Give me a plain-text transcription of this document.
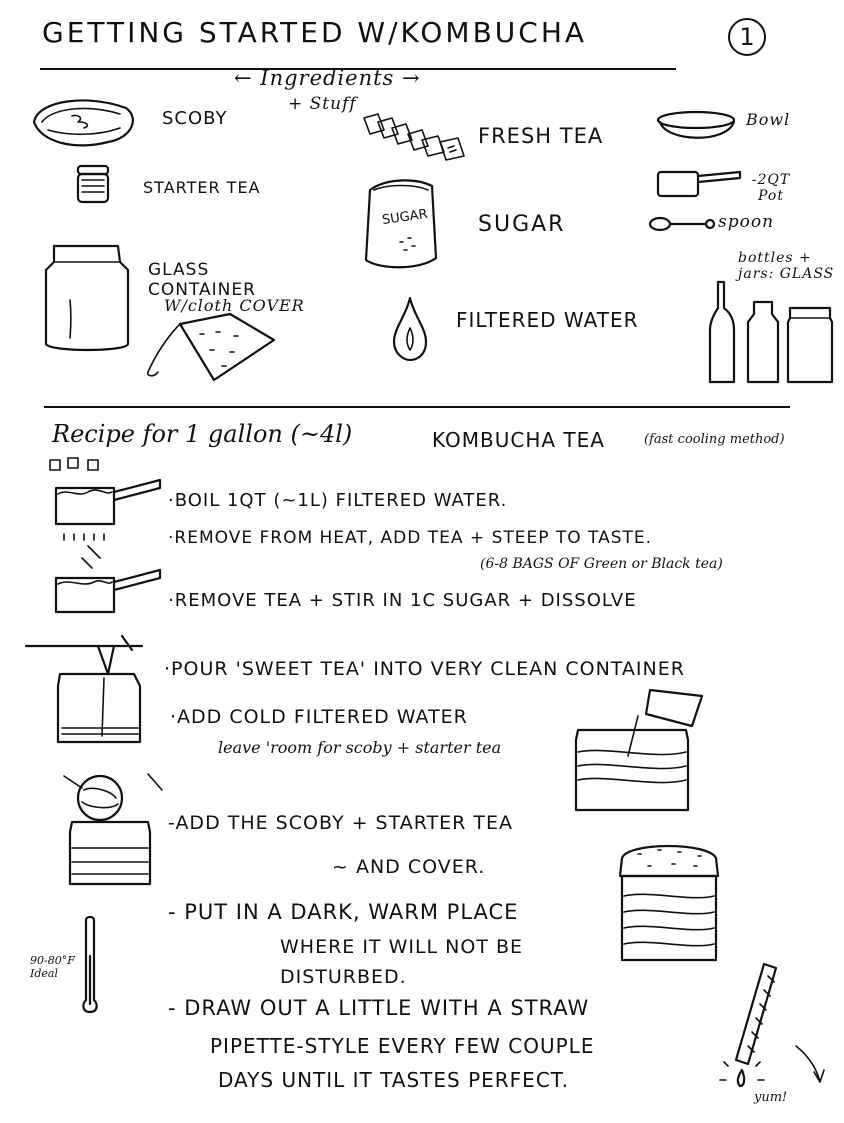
GETTING STARTED W/KOMBUCHA	1
← Ingredients →
+ Stuff
SCOBY
STARTER TEA
GLASS CONTAINER
W/cloth COVER
FRESH TEA
SUGAR SUGAR
FILTERED WATER
Bowl
-2QT Pot
spoon
bottles + jars: GLASS
Recipe for 1 gallon (~4l)	KOMBUCHA TEA	(fast cooling method)
·BOIL 1QT (~1L) FILTERED WATER.
·REMOVE FROM HEAT, ADD TEA + STEEP TO TASTE.
(6-8 BAGS OF Green or Black tea)
·REMOVE TEA + STIR IN 1C SUGAR + DISSOLVE
·POUR 'SWEET TEA' INTO VERY CLEAN CONTAINER
·ADD COLD FILTERED WATER
leave 'room for scoby + starter tea
-ADD THE SCOBY + STARTER TEA
~ AND COVER.
- PUT IN A DARK, WARM PLACE
WHERE IT WILL NOT BE
DISTURBED.
90-80°F Ideal
- DRAW OUT A LITTLE WITH A STRAW
PIPETTE-STYLE EVERY FEW COUPLE
DAYS UNTIL IT TASTES PERFECT.
yum!
